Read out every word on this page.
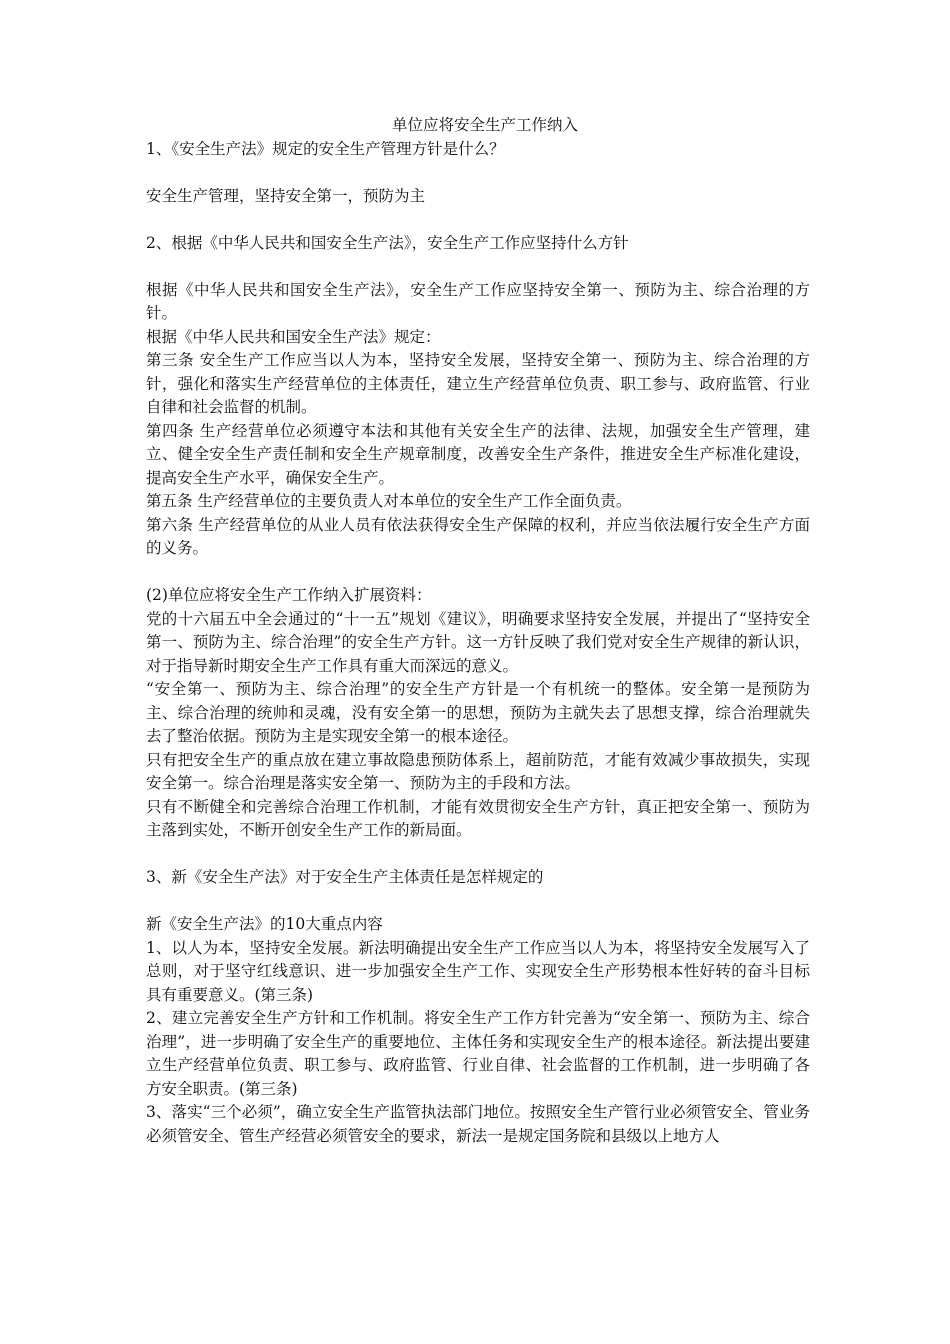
单位应将安全生产工作纳入

1、《安全生产法》规定的安全生产管理方针是什么？

安全生产管理，坚持安全第一，预防为主

2、根据《中华人民共和国安全生产法》，安全生产工作应坚持什么方针

根据《中华人民共和国安全生产法》，安全生产工作应坚持安全第一、预防为主、综合治理的方针。

根据《中华人民共和国安全生产法》规定：

第三条 安全生产工作应当以人为本，坚持安全发展，坚持安全第一、预防为主、综合治理的方针，强化和落实生产经营单位的主体责任，建立生产经营单位负责、职工参与、政府监管、行业自律和社会监督的机制。

第四条 生产经营单位必须遵守本法和其他有关安全生产的法律、法规，加强安全生产管理，建立、健全安全生产责任制和安全生产规章制度，改善安全生产条件，推进安全生产标准化建设，提高安全生产水平，确保安全生产。

第五条 生产经营单位的主要负责人对本单位的安全生产工作全面负责。

第六条 生产经营单位的从业人员有依法获得安全生产保障的权利，并应当依法履行安全生产方面的义务。

(2)单位应将安全生产工作纳入扩展资料：

党的十六届五中全会通过的“十一五”规划《建议》，明确要求坚持安全发展，并提出了“坚持安全第一、预防为主、综合治理”的安全生产方针。这一方针反映了我们党对安全生产规律的新认识，对于指导新时期安全生产工作具有重大而深远的意义。

“安全第一、预防为主、综合治理”的安全生产方针是一个有机统一的整体。安全第一是预防为主、综合治理的统帅和灵魂，没有安全第一的思想，预防为主就失去了思想支撑，综合治理就失去了整治依据。预防为主是实现安全第一的根本途径。

只有把安全生产的重点放在建立事故隐患预防体系上，超前防范，才能有效减少事故损失，实现安全第一。综合治理是落实安全第一、预防为主的手段和方法。

只有不断健全和完善综合治理工作机制，才能有效贯彻安全生产方针，真正把安全第一、预防为主落到实处，不断开创安全生产工作的新局面。

3、新《安全生产法》对于安全生产主体责任是怎样规定的

新《安全生产法》的10大重点内容

1、以人为本，坚持安全发展。新法明确提出安全生产工作应当以人为本，将坚持安全发展写入了总则，对于坚守红线意识、进一步加强安全生产工作、实现安全生产形势根本性好转的奋斗目标具有重要意义。(第三条)

2、建立完善安全生产方针和工作机制。将安全生产工作方针完善为“安全第一、预防为主、综合治理”，进一步明确了安全生产的重要地位、主体任务和实现安全生产的根本途径。新法提出要建立生产经营单位负责、职工参与、政府监管、行业自律、社会监督的工作机制，进一步明确了各方安全职责。(第三条)

3、落实“三个必须”，确立安全生产监管执法部门地位。按照安全生产管行业必须管安全、管业务必须管安全、管生产经营必须管安全的要求，新法一是规定国务院和县级以上地方人
